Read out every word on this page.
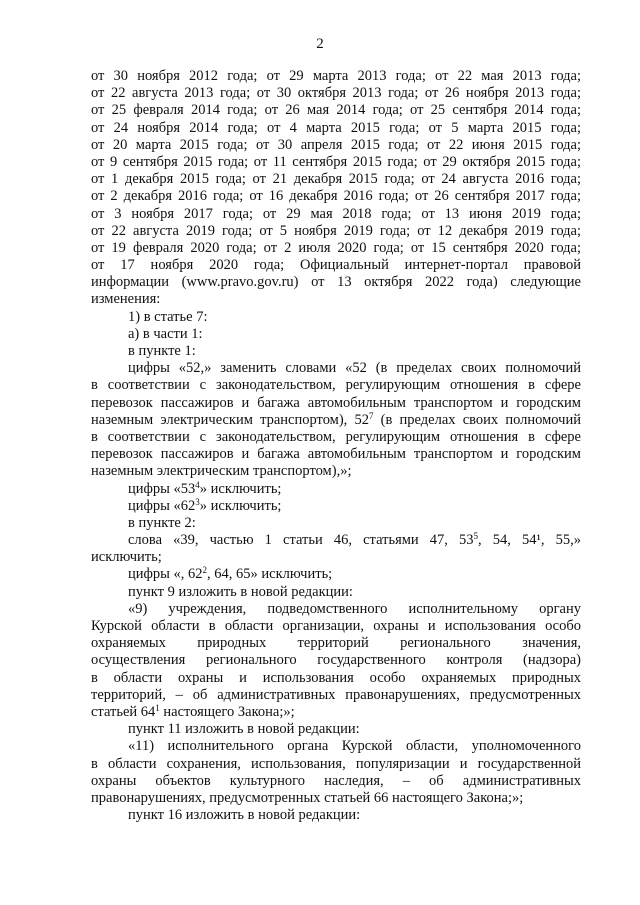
2
от 30 ноября 2012 года; от 29 марта 2013 года; от 22 мая 2013 года;
от 22 августа 2013 года; от 30 октября 2013 года; от 26 ноября 2013 года;
от 25 февраля 2014 года; от 26 мая 2014 года; от 25 сентября 2014 года;
от 24 ноября 2014 года; от 4 марта 2015 года; от 5 марта 2015 года;
от 20 марта 2015 года; от 30 апреля 2015 года; от 22 июня 2015 года;
от 9 сентября 2015 года; от 11 сентября 2015 года; от 29 октября 2015 года;
от 1 декабря 2015 года; от 21 декабря 2015 года; от 24 августа 2016 года;
от 2 декабря 2016 года; от 16 декабря 2016 года; от 26 сентября 2017 года;
от 3 ноября 2017 года; от 29 мая 2018 года; от 13 июня 2019 года;
от 22 августа 2019 года; от 5 ноября 2019 года; от 12 декабря 2019 года;
от 19 февраля 2020 года; от 2 июля 2020 года; от 15 сентября 2020 года;
от 17 ноября 2020 года; Официальный интернет-портал правовой
информации (www.pravo.gov.ru) от 13 октября 2022 года) следующие
изменения:
1) в статье 7:
а) в части 1:
в пункте 1:
цифры «52,» заменить словами «52 (в пределах своих полномочий
в соответствии с законодательством, регулирующим отношения в сфере
перевозок пассажиров и багажа автомобильным транспортом и городским
наземным электрическим транспортом), $52^7$ (в пределах своих полномочий
в соответствии с законодательством, регулирующим отношения в сфере
перевозок пассажиров и багажа автомобильным транспортом и городским
наземным электрическим транспортом),»;
цифры «$53^4$» исключить;
цифры «$62^3$» исключить;
в пункте 2:
слова «39, частью 1 статьи 46, статьями 47, $53^5$, 54, 54¹, 55,»
исключить;
цифры «, $62^2$, 64, 65» исключить;
пункт 9 изложить в новой редакции:
«9) учреждения, подведомственного исполнительному органу
Курской области в области организации, охраны и использования особо
охраняемых природных территорий регионального значения,
осуществления регионального государственного контроля (надзора)
в области охраны и использования особо охраняемых природных
территорий, – об административных правонарушениях, предусмотренных
статьей $64^1$ настоящего Закона;»;
пункт 11 изложить в новой редакции:
«11) исполнительного органа Курской области, уполномоченного
в области сохранения, использования, популяризации и государственной
охраны объектов культурного наследия, – об административных
правонарушениях, предусмотренных статьей 66 настоящего Закона;»;
пункт 16 изложить в новой редакции:
